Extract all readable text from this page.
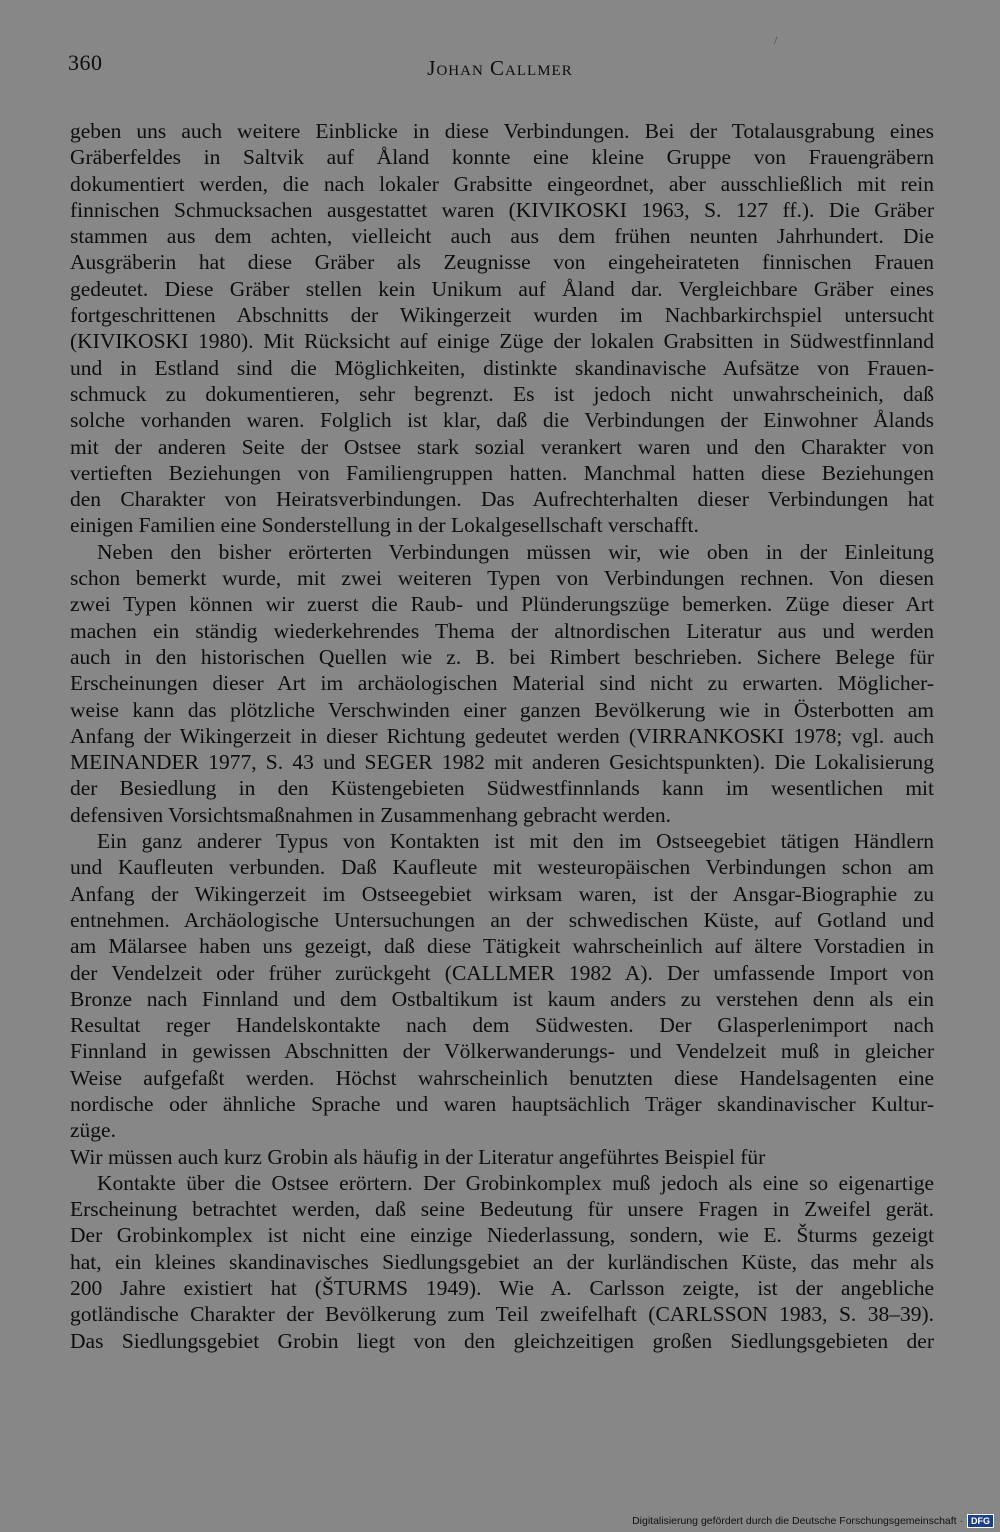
360	Johan Callmer
/
geben uns auch weitere Einblicke in diese Verbindungen. Bei der Totalausgrabung eines
Gräberfeldes in Saltvik auf Åland konnte eine kleine Gruppe von Frauengräbern
dokumentiert werden, die nach lokaler Grabsitte eingeordnet, aber ausschließlich mit rein
finnischen Schmucksachen ausgestattet waren (KIVIKOSKI 1963, S. 127 ff.). Die Gräber
stammen aus dem achten, vielleicht auch aus dem frühen neunten Jahrhundert. Die
Ausgräberin hat diese Gräber als Zeugnisse von eingeheirateten finnischen Frauen
gedeutet. Diese Gräber stellen kein Unikum auf Åland dar. Vergleichbare Gräber eines
fortgeschrittenen Abschnitts der Wikingerzeit wurden im Nachbarkirchspiel untersucht
(KIVIKOSKI 1980). Mit Rücksicht auf einige Züge der lokalen Grabsitten in Südwestfinnland
und in Estland sind die Möglichkeiten, distinkte skandinavische Aufsätze von Frauen-
schmuck zu dokumentieren, sehr begrenzt. Es ist jedoch nicht unwahrscheinich, daß
solche vorhanden waren. Folglich ist klar, daß die Verbindungen der Einwohner Ålands
mit der anderen Seite der Ostsee stark sozial verankert waren und den Charakter von
vertieften Beziehungen von Familiengruppen hatten. Manchmal hatten diese Beziehungen
den Charakter von Heiratsverbindungen. Das Aufrechterhalten dieser Verbindungen hat
einigen Familien eine Sonderstellung in der Lokalgesellschaft verschafft.
Neben den bisher erörterten Verbindungen müssen wir, wie oben in der Einleitung
schon bemerkt wurde, mit zwei weiteren Typen von Verbindungen rechnen. Von diesen
zwei Typen können wir zuerst die Raub- und Plünderungszüge bemerken. Züge dieser Art
machen ein ständig wiederkehrendes Thema der altnordischen Literatur aus und werden
auch in den historischen Quellen wie z. B. bei Rimbert beschrieben. Sichere Belege für
Erscheinungen dieser Art im archäologischen Material sind nicht zu erwarten. Möglicher-
weise kann das plötzliche Verschwinden einer ganzen Bevölkerung wie in Österbotten am
Anfang der Wikingerzeit in dieser Richtung gedeutet werden (VIRRANKOSKI 1978; vgl. auch
MEINANDER 1977, S. 43 und SEGER 1982 mit anderen Gesichtspunkten). Die Lokalisierung
der Besiedlung in den Küstengebieten Südwestfinnlands kann im wesentlichen mit
defensiven Vorsichtsmaßnahmen in Zusammenhang gebracht werden.
Ein ganz anderer Typus von Kontakten ist mit den im Ostseegebiet tätigen Händlern
und Kaufleuten verbunden. Daß Kaufleute mit westeuropäischen Verbindungen schon am
Anfang der Wikingerzeit im Ostseegebiet wirksam waren, ist der Ansgar-Biographie zu
entnehmen. Archäologische Untersuchungen an der schwedischen Küste, auf Gotland und
am Mälarsee haben uns gezeigt, daß diese Tätigkeit wahrscheinlich auf ältere Vorstadien in
der Vendelzeit oder früher zurückgeht (CALLMER 1982 A). Der umfassende Import von
Bronze nach Finnland und dem Ostbaltikum ist kaum anders zu verstehen denn als ein
Resultat reger Handelskontakte nach dem Südwesten. Der Glasperlenimport nach
Finnland in gewissen Abschnitten der Völkerwanderungs- und Vendelzeit muß in gleicher
Weise aufgefaßt werden. Höchst wahrscheinlich benutzten diese Handelsagenten eine
nordische oder ähnliche Sprache und waren hauptsächlich Träger skandinavischer Kultur-
züge.
Wir müssen auch kurz Grobin als häufig in der Literatur angeführtes Beispiel für
Kontakte über die Ostsee erörtern. Der Grobinkomplex muß jedoch als eine so eigenartige
Erscheinung betrachtet werden, daß seine Bedeutung für unsere Fragen in Zweifel gerät.
Der Grobinkomplex ist nicht eine einzige Niederlassung, sondern, wie E. Šturms gezeigt
hat, ein kleines skandinavisches Siedlungsgebiet an der kurländischen Küste, das mehr als
200 Jahre existiert hat (ŠTURMS 1949). Wie A. Carlsson zeigte, ist der angebliche
gotländische Charakter der Bevölkerung zum Teil zweifelhaft (CARLSSON 1983, S. 38–39).
Das Siedlungsgebiet Grobin liegt von den gleichzeitigen großen Siedlungsgebieten der
Digitalisierung gefördert durch die Deutsche Forschungsgemeinschaft · DFG
